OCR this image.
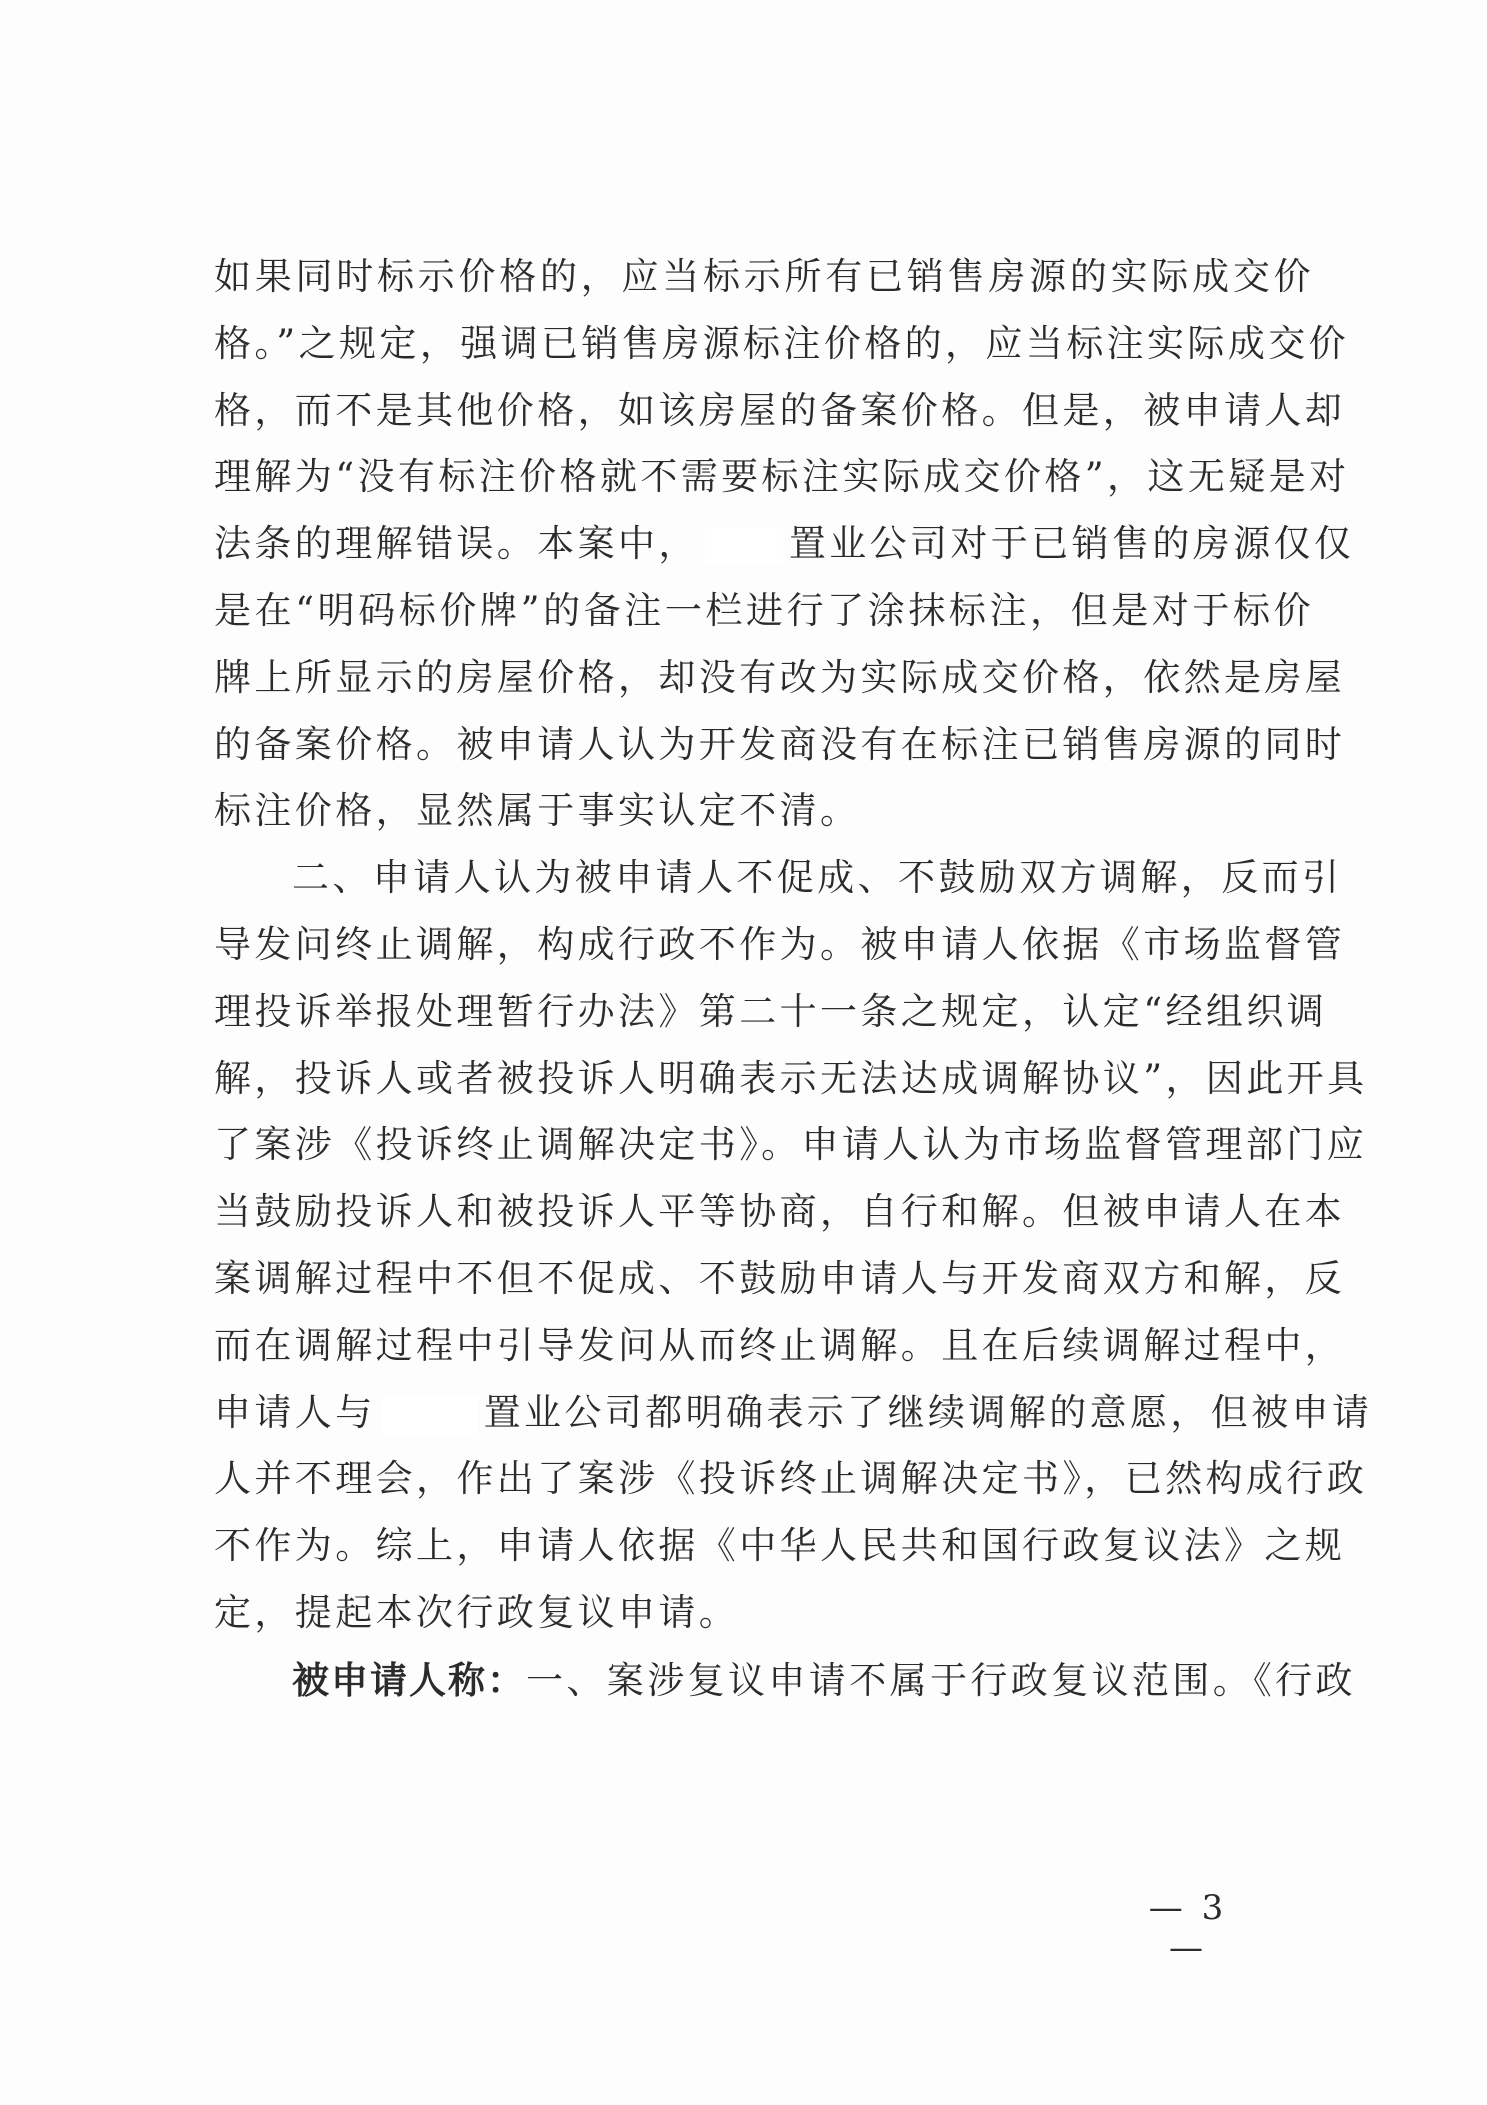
如果同时标示价格的，应当标示所有已销售房源的实际成交价
格。”之规定，强调已销售房源标注价格的，应当标注实际成交价
格，而不是其他价格，如该房屋的备案价格。但是，被申请人却
理解为“没有标注价格就不需要标注实际成交价格”，这无疑是对
法条的理解错误。本案中， 置业公司对于已销售的房源仅仅
是在“明码标价牌”的备注一栏进行了涂抹标注，但是对于标价
牌上所显示的房屋价格，却没有改为实际成交价格，依然是房屋
的备案价格。被申请人认为开发商没有在标注已销售房源的同时
标注价格，显然属于事实认定不清。
二、申请人认为被申请人不促成、不鼓励双方调解，反而引
导发问终止调解，构成行政不作为。被申请人依据《市场监督管
理投诉举报处理暂行办法》第二十一条之规定，认定“经组织调
解，投诉人或者被投诉人明确表示无法达成调解协议”，因此开具
了案涉《投诉终止调解决定书》。申请人认为市场监督管理部门应
当鼓励投诉人和被投诉人平等协商，自行和解。但被申请人在本
案调解过程中不但不促成、不鼓励申请人与开发商双方和解，反
而在调解过程中引导发问从而终止调解。且在后续调解过程中，
申请人与	置业公司都明确表示了继续调解的意愿，但被申请
人并不理会，作出了案涉《投诉终止调解决定书》，已然构成行政
不作为。综上，申请人依据《中华人民共和国行政复议法》之规
定，提起本次行政复议申请。
被申请人称：一、案涉复议申请不属于行政复议范围。《行政
— 3 —
